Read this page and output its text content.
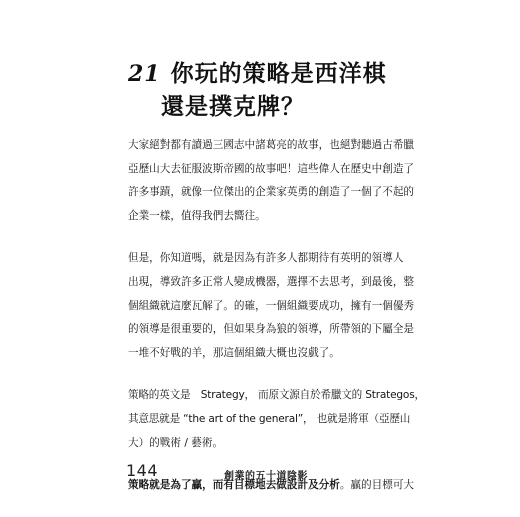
21 你玩的策略是西洋棋
還是撲克牌？

大家絕對都有讀過三國志中諸葛亮的故事，也絕對聽過古希臘
亞歷山大去征服波斯帝國的故事吧！這些偉人在歷史中創造了
許多事蹟，就像一位傑出的企業家英勇的創造了一個了不起的
企業一樣，值得我們去嚮往。

但是，你知道嗎，就是因為有許多人都期待有英明的領導人
出現，導致許多正常人變成機器，選擇不去思考，到最後，整
個組織就這麼瓦解了。的確，一個組織要成功，擁有一個優秀
的領導是很重要的，但如果身為狼的領導，所帶領的下屬全是
一堆不好戰的羊，那這個組織大概也沒戲了。

策略的英文是　Strategy， 而原文源自於希臘文的 Strategos，
其意思就是 “the art of the general”， 也就是將軍（亞歷山
大）的戰術 / 藝術。

策略就是為了贏，而有目標地去做設計及分析。贏的目標可大

144	創業的五十道陰影
